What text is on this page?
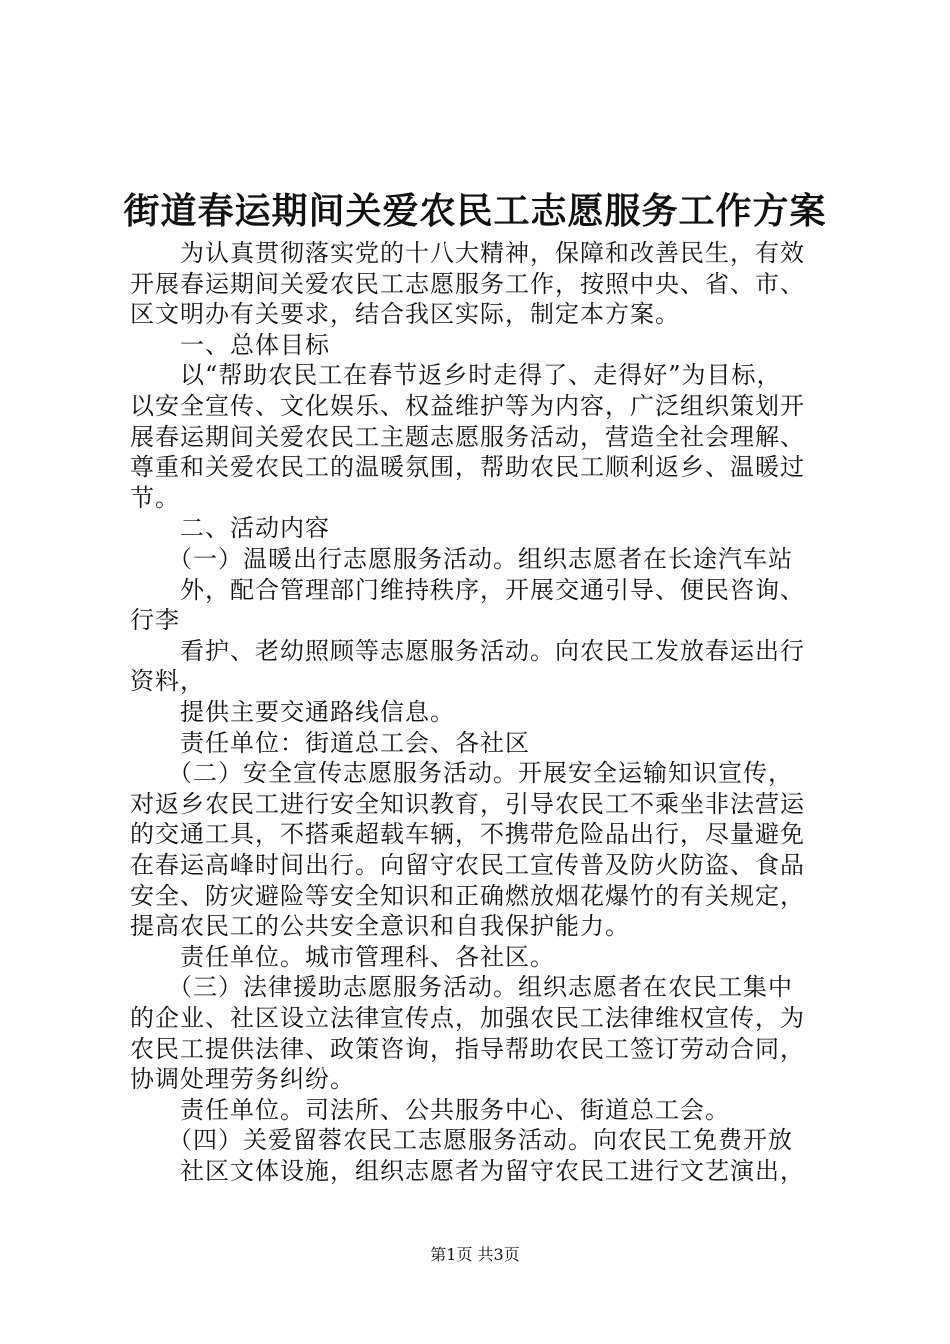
街道春运期间关爱农民工志愿服务工作方案
　　为认真贯彻落实党的十八大精神，保障和改善民生，有效
开展春运期间关爱农民工志愿服务工作，按照中央、省、市、
区文明办有关要求，结合我区实际，制定本方案。
　　一、总体目标
　　以“帮助农民工在春节返乡时走得了、走得好”为目标，
以安全宣传、文化娱乐、权益维护等为内容，广泛组织策划开
展春运期间关爱农民工主题志愿服务活动，营造全社会理解、
尊重和关爱农民工的温暖氛围，帮助农民工顺利返乡、温暖过
节。
　　二、活动内容
　　（一）温暖出行志愿服务活动。组织志愿者在长途汽车站
　　外，配合管理部门维持秩序，开展交通引导、便民咨询、
行李
　　看护、老幼照顾等志愿服务活动。向农民工发放春运出行
资料，
　　提供主要交通路线信息。
　　责任单位：街道总工会、各社区
　　（二）安全宣传志愿服务活动。开展安全运输知识宣传，
对返乡农民工进行安全知识教育，引导农民工不乘坐非法营运
的交通工具，不搭乘超载车辆，不携带危险品出行，尽量避免
在春运高峰时间出行。向留守农民工宣传普及防火防盗、食品
安全、防灾避险等安全知识和正确燃放烟花爆竹的有关规定，
提高农民工的公共安全意识和自我保护能力。
　　责任单位。城市管理科、各社区。
　　（三）法律援助志愿服务活动。组织志愿者在农民工集中
的企业、社区设立法律宣传点，加强农民工法律维权宣传，为
农民工提供法律、政策咨询，指导帮助农民工签订劳动合同，
协调处理劳务纠纷。
　　责任单位。司法所、公共服务中心、街道总工会。
　　（四）关爱留蓉农民工志愿服务活动。向农民工免费开放
　　社区文体设施，组织志愿者为留守农民工进行文艺演出，
第1页 共3页
